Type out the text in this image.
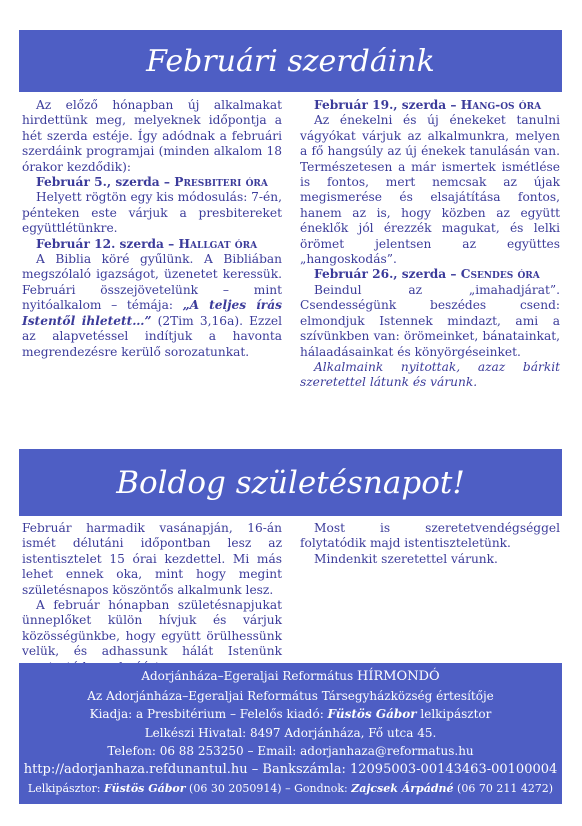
Februári szerdáink

Az előző hónapban új alkalmakat hirdettünk meg, melyeknek időpontja a hét szerda estéje. Így adódnak a februári szerdáink programjai (minden alkalom 18 órakor kezdődik):

Február 5., szerda – Presbiteri óra

Helyett rögtön egy kis módosulás: 7-én, pénteken este várjuk a presbitereket együttlétünkre.

Február 12. szerda – Hallgat óra

A Biblia köré gyűlünk. A Bibliában megszólaló igazságot, üzenetet keressük. Februári összejövetelünk – mint nyitóalkalom – témája: „A teljes írás Istentől ihletett…” (2Tim 3,16a). Ezzel az alapvetéssel indítjuk a havonta megrendezésre kerülő sorozatunkat.

Február 19., szerda – Hang-os óra

Az énekelni és új énekeket tanulni vágyókat várjuk az alkalmunkra, melyen a fő hangsúly az új énekek tanulásán van. Természetesen a már ismertek ismétlése is fontos, mert nemcsak az újak megismerése és elsajátítása fontos, hanem az is, hogy közben az együtt éneklők jól érezzék magukat, és lelki örömet jelentsen az együttes „hangoskodás”.

Február 26., szerda – Csendes óra

Beindul az „imahadjárat”. Csendességünk beszédes csend: elmondjuk Istennek mindazt, ami a szívünkben van: örömeinket, bánatainkat, hálaadásainkat és könyörgéseinket.

Alkalmaink nyitottak, azaz bárkit szeretettel látunk és várunk.

Boldog születésnapot!

Február harmadik vasánapján, 16-án ismét délutáni időpontban lesz az istentisztelet 15 órai kezdettel. Mi más lehet ennek oka, mint hogy megint születésnapos köszöntős alkalmunk lesz.

A február hónapban születésnapjukat ünneplőket külön hívjuk és várjuk közösségünkbe, hogy együtt örülhessünk velük, és adhassunk hálát Istenünk

Most is szeretetvendégséggel folytatódik majd istentiszteletünk.

Mindenkit szeretettel várunk.

Adorjánháza–Egeraljai Református HÍRMONDÓ
Az Adorjánháza–Egeraljai Református Társegyházközség értesítője
Kiadja: a Presbitérium – Felelős kiadó: Füstös Gábor lelkipásztor
Lelkészi Hivatal: 8497 Adorjánháza, Fő utca 45.
Telefon: 06 88 253250 – Email: adorjanhaza@reformatus.hu
http://adorjanhaza.refdunantul.hu – Bankszámla: 12095003-00143463-00100004
Lelkipásztor: Füstös Gábor (06 30 2050914) – Gondnok: Zajcsek Árpádné (06 70 211 4272)
